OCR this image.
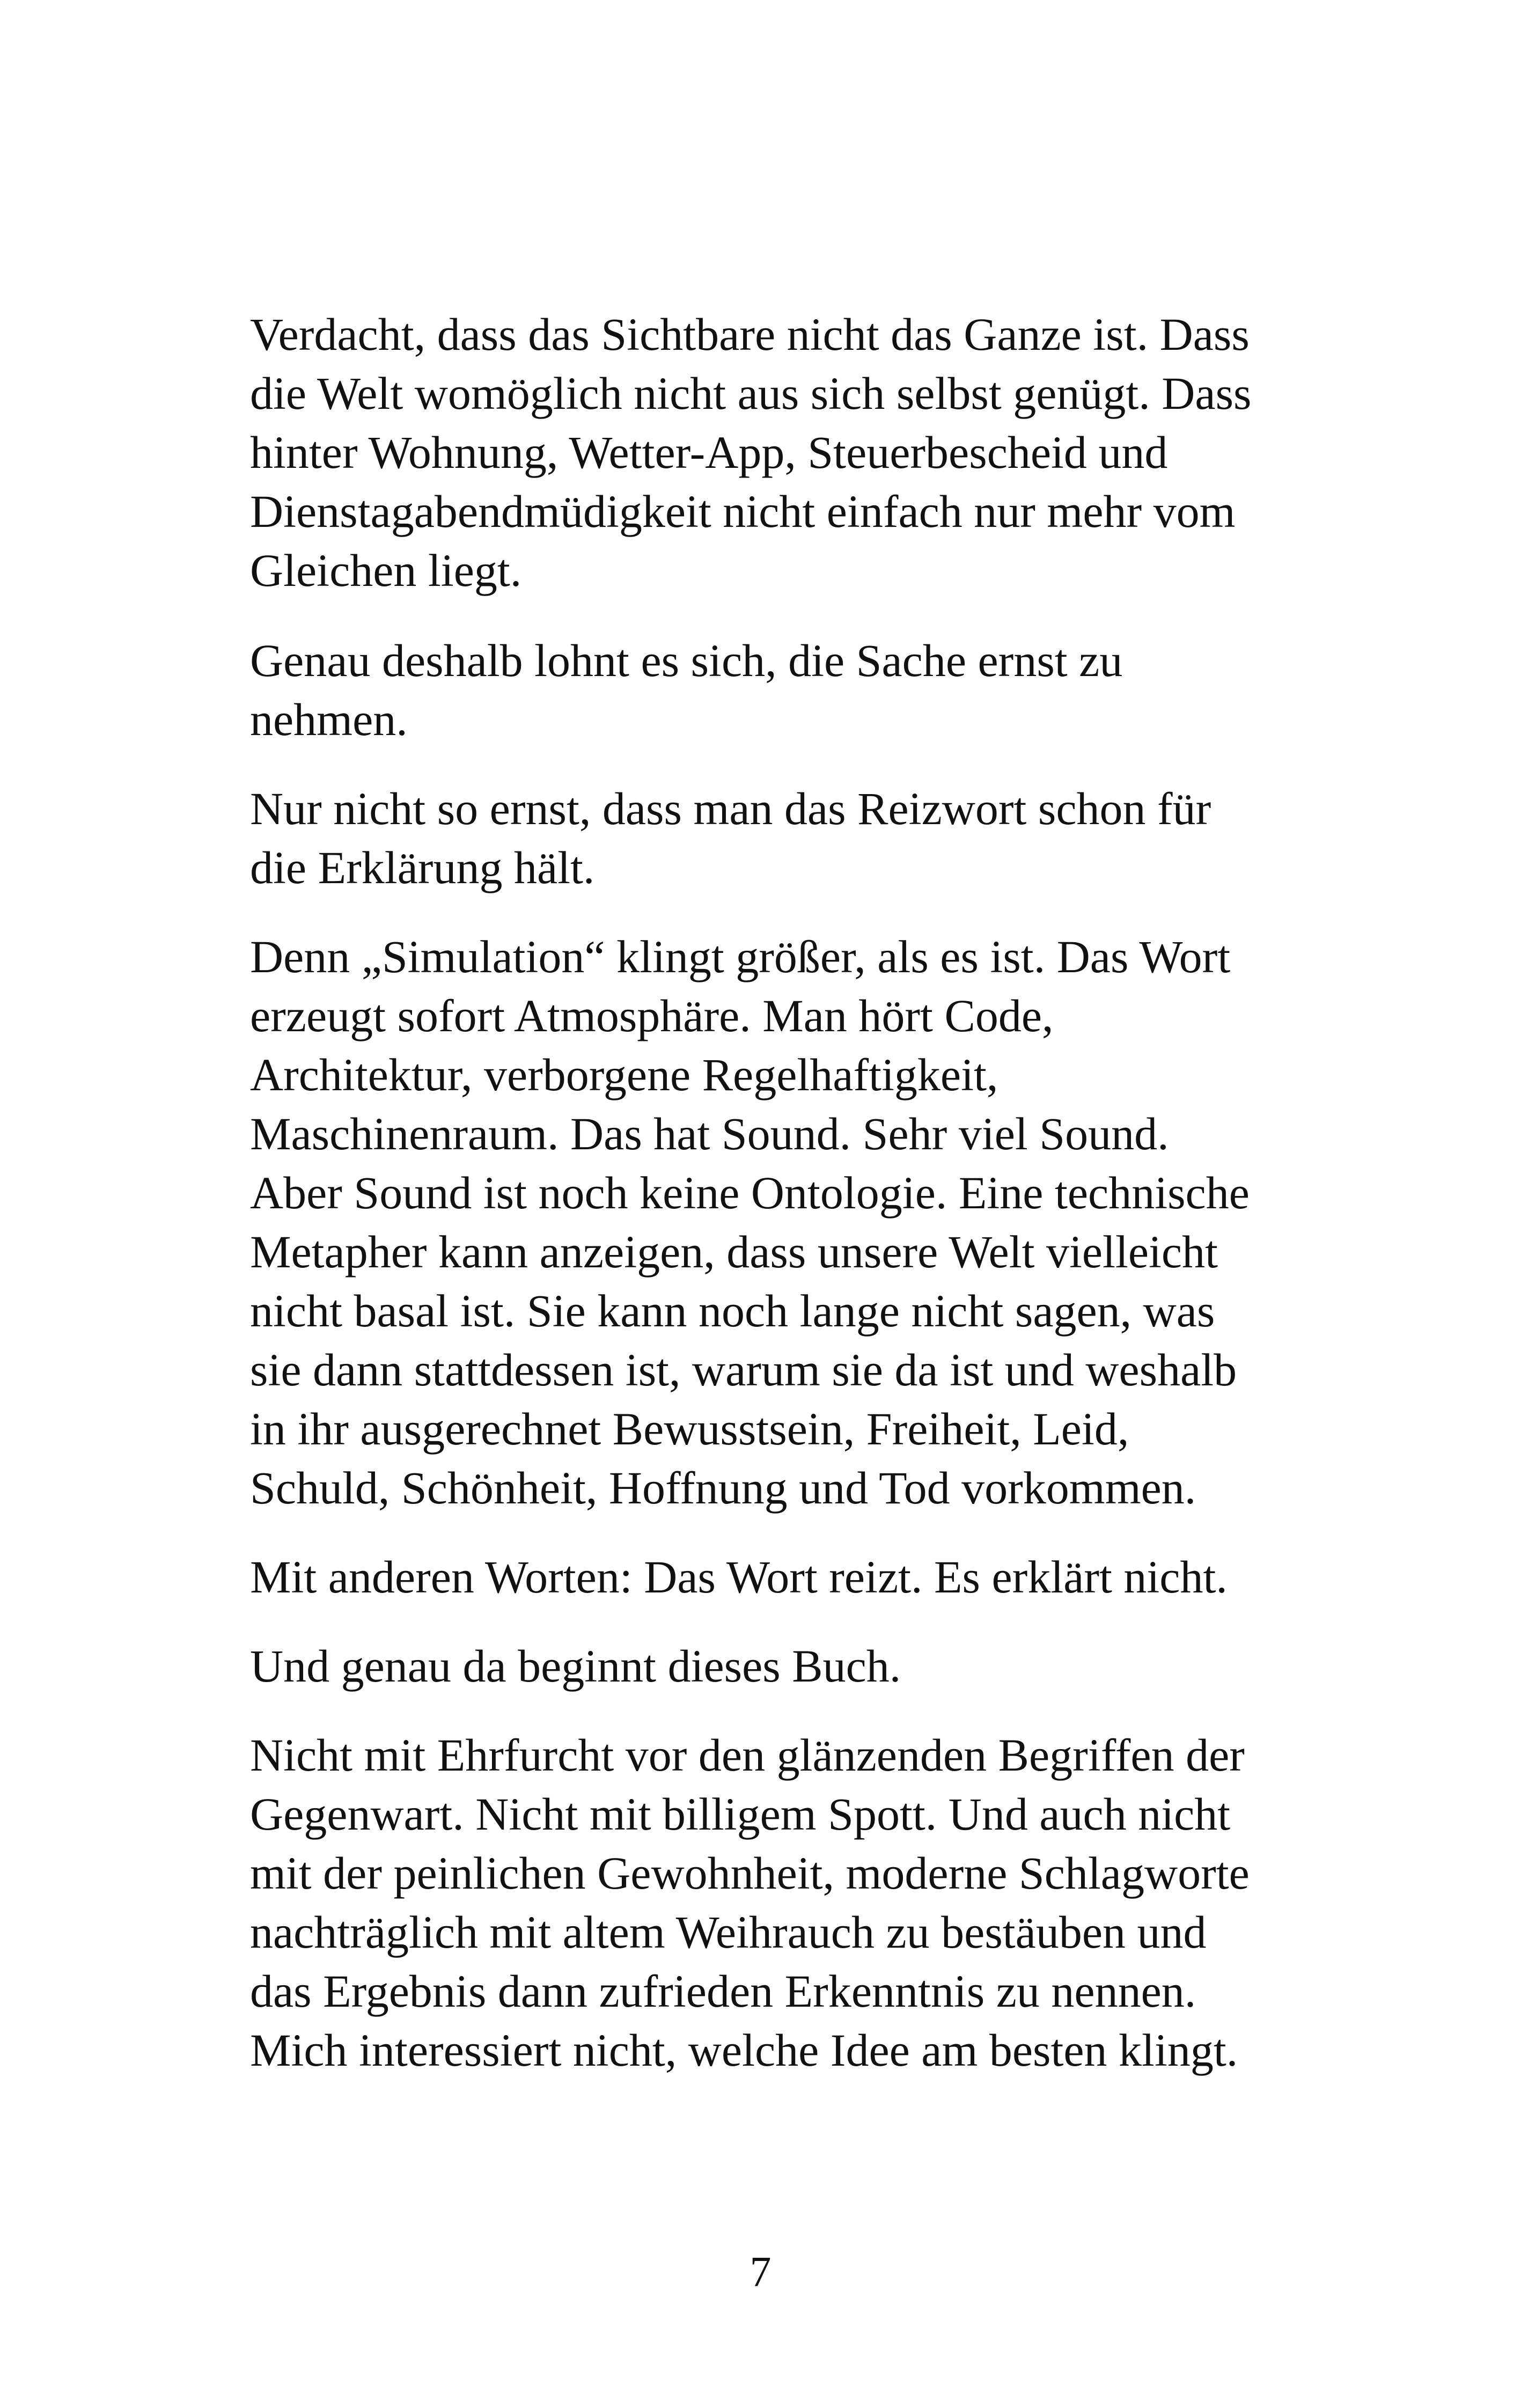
Verdacht, dass das Sichtbare nicht das Ganze ist. Dass
die Welt womöglich nicht aus sich selbst genügt. Dass
hinter Wohnung, Wetter-App, Steuerbescheid und
Dienstagabendmüdigkeit nicht einfach nur mehr vom
Gleichen liegt.
Genau deshalb lohnt es sich, die Sache ernst zu
nehmen.
Nur nicht so ernst, dass man das Reizwort schon für
die Erklärung hält.
Denn „Simulation“ klingt größer, als es ist. Das Wort
erzeugt sofort Atmosphäre. Man hört Code,
Architektur, verborgene Regelhaftigkeit,
Maschinenraum. Das hat Sound. Sehr viel Sound.
Aber Sound ist noch keine Ontologie. Eine technische
Metapher kann anzeigen, dass unsere Welt vielleicht
nicht basal ist. Sie kann noch lange nicht sagen, was
sie dann stattdessen ist, warum sie da ist und weshalb
in ihr ausgerechnet Bewusstsein, Freiheit, Leid,
Schuld, Schönheit, Hoffnung und Tod vorkommen.
Mit anderen Worten: Das Wort reizt. Es erklärt nicht.
Und genau da beginnt dieses Buch.
Nicht mit Ehrfurcht vor den glänzenden Begriffen der
Gegenwart. Nicht mit billigem Spott. Und auch nicht
mit der peinlichen Gewohnheit, moderne Schlagworte
nachträglich mit altem Weihrauch zu bestäuben und
das Ergebnis dann zufrieden Erkenntnis zu nennen.
Mich interessiert nicht, welche Idee am besten klingt.
7
